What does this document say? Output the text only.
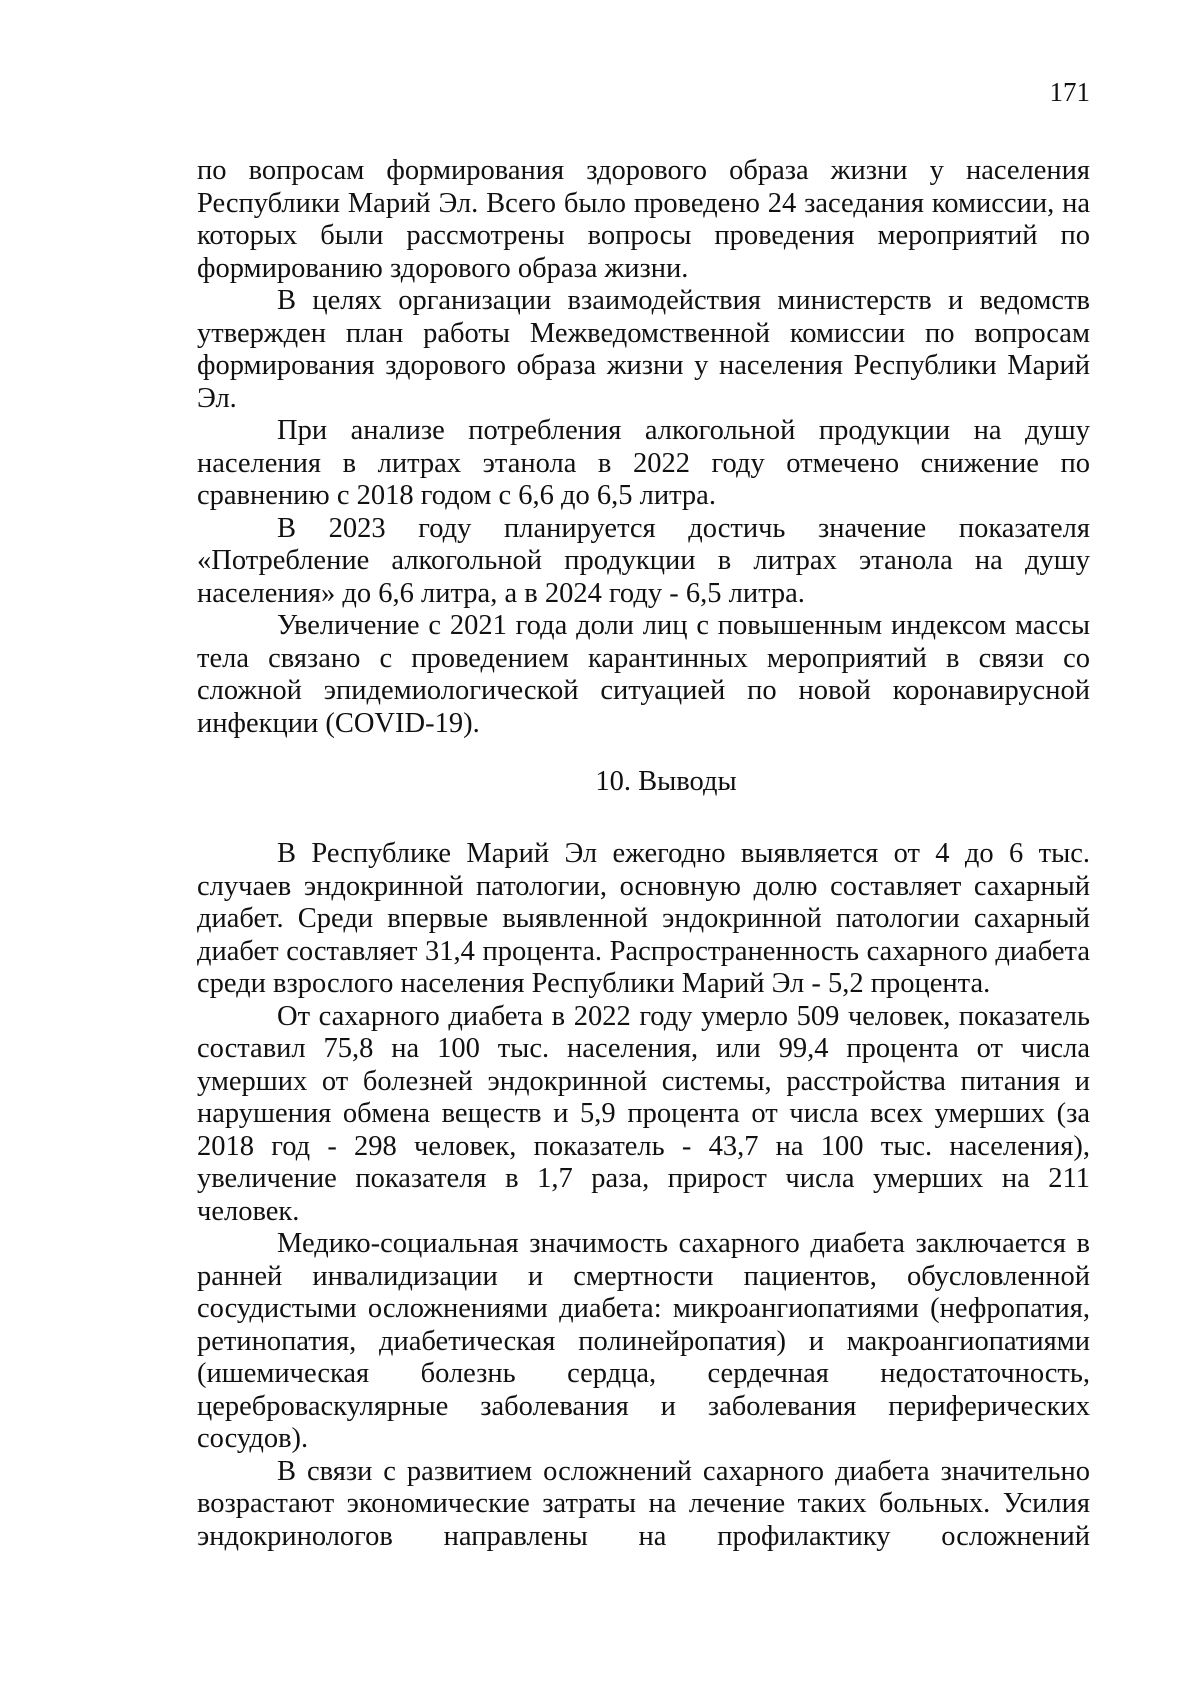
171

по вопросам формирования здорового образа жизни у населения Республики Марий Эл. Всего было проведено 24 заседания комиссии, на которых были рассмотрены вопросы проведения мероприятий по формированию здорового образа жизни.

В целях организации взаимодействия министерств и ведомств утвержден план работы Межведомственной комиссии по вопросам формирования здорового образа жизни у населения Республики Марий Эл.

При анализе потребления алкогольной продукции на душу населения в литрах этанола в 2022 году отмечено снижение по сравнению с 2018 годом с 6,6 до 6,5 литра.

В 2023 году планируется достичь значение показателя «Потребление алкогольной продукции в литрах этанола на душу населения» до 6,6 литра, а в 2024 году - 6,5 литра.

Увеличение с 2021 года доли лиц с повышенным индексом массы тела связано с проведением карантинных мероприятий в связи со сложной эпидемиологической ситуацией по новой коронавирусной инфекции (COVID-19).

10. Выводы

В Республике Марий Эл ежегодно выявляется от 4 до 6 тыс. случаев эндокринной патологии, основную долю составляет сахарный диабет. Среди впервые выявленной эндокринной патологии сахарный диабет составляет 31,4 процента. Распространенность сахарного диабета среди взрослого населения Республики Марий Эл - 5,2 процента.

От сахарного диабета в 2022 году умерло 509 человек, показатель составил 75,8 на 100 тыс. населения, или 99,4 процента от числа умерших от болезней эндокринной системы, расстройства питания и нарушения обмена веществ и 5,9 процента от числа всех умерших (за 2018 год - 298 человек, показатель - 43,7 на 100 тыс. населения), увеличение показателя в 1,7 раза, прирост числа умерших на 211 человек.

Медико-социальная значимость сахарного диабета заключается в ранней инвалидизации и смертности пациентов, обусловленной сосудистыми осложнениями диабета: микроангиопатиями (нефропатия, ретинопатия, диабетическая полинейропатия) и макроангиопатиями (ишемическая болезнь сердца, сердечная недостаточность, цереброваскулярные заболевания и заболевания периферических сосудов).

В связи с развитием осложнений сахарного диабета значительно возрастают экономические затраты на лечение таких больных. Усилия эндокринологов направлены на профилактику осложнений
